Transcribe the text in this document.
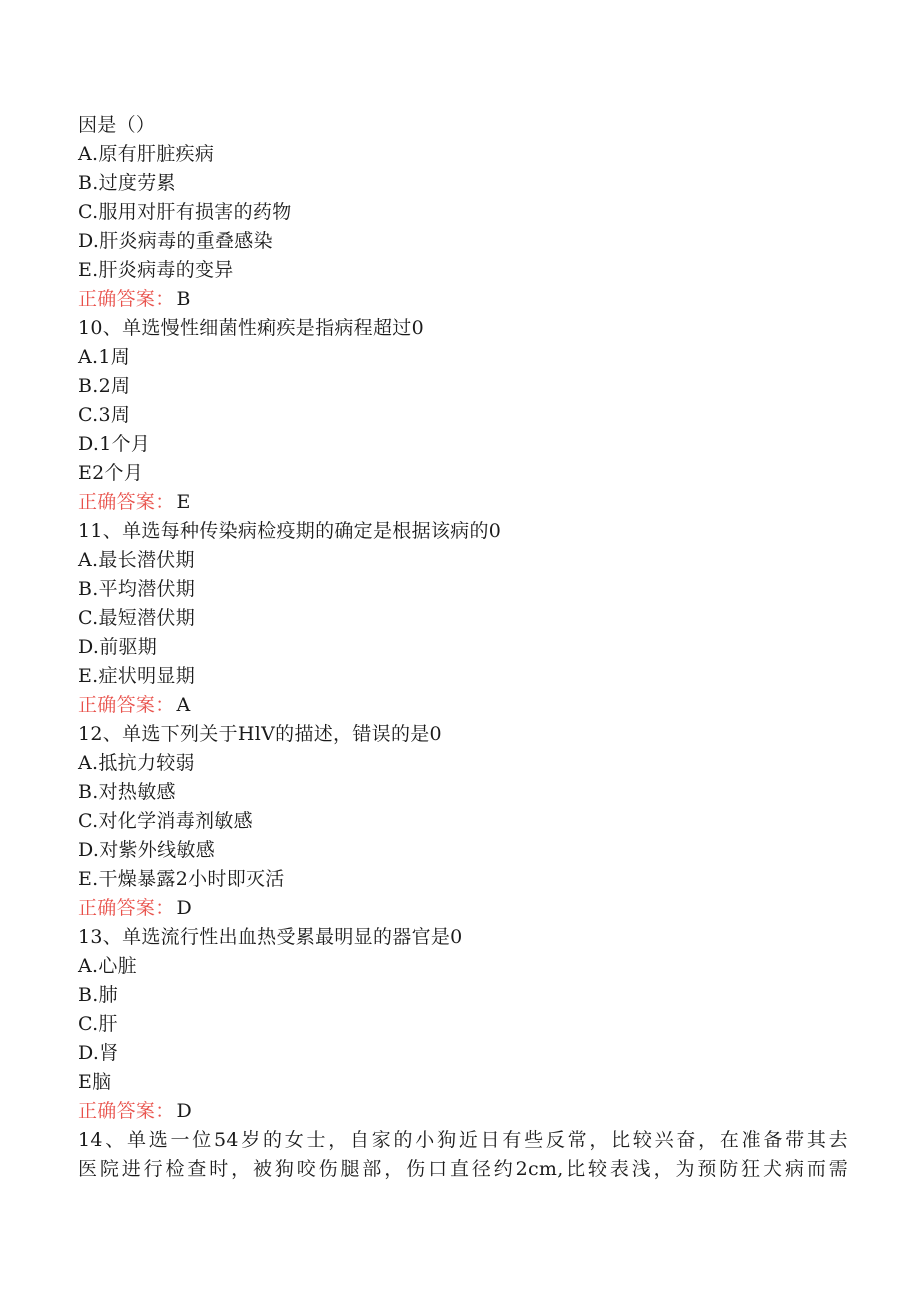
因是（）
A.原有肝脏疾病
B.过度劳累
C.服用对肝有损害的药物
D.肝炎病毒的重叠感染
E.肝炎病毒的变异
正确答案： B
10、单选慢性细菌性痢疾是指病程超过0
A.1周
B.2周
C.3周
D.1个月
E2个月
正确答案： E
11、单选每种传染病检疫期的确定是根据该病的0
A.最长潜伏期
B.平均潜伏期
C.最短潜伏期
D.前驱期
E.症状明显期
正确答案： A
12、单选下列关于HlV的描述，错误的是0
A.抵抗力较弱
B.对热敏感
C.对化学消毒剂敏感
D.对紫外线敏感
E.干燥暴露2小时即灭活
正确答案： D
13、单选流行性出血热受累最明显的器官是0
A.心脏
B.肺
C.肝
D.肾
E脑
正确答案： D
14、单选一位54岁的女士，自家的小狗近日有些反常，比较兴奋，在准备带其去
医院进行检查时，被狗咬伤腿部，伤口直径约2cm,比较表浅，为预防狂犬病而需
